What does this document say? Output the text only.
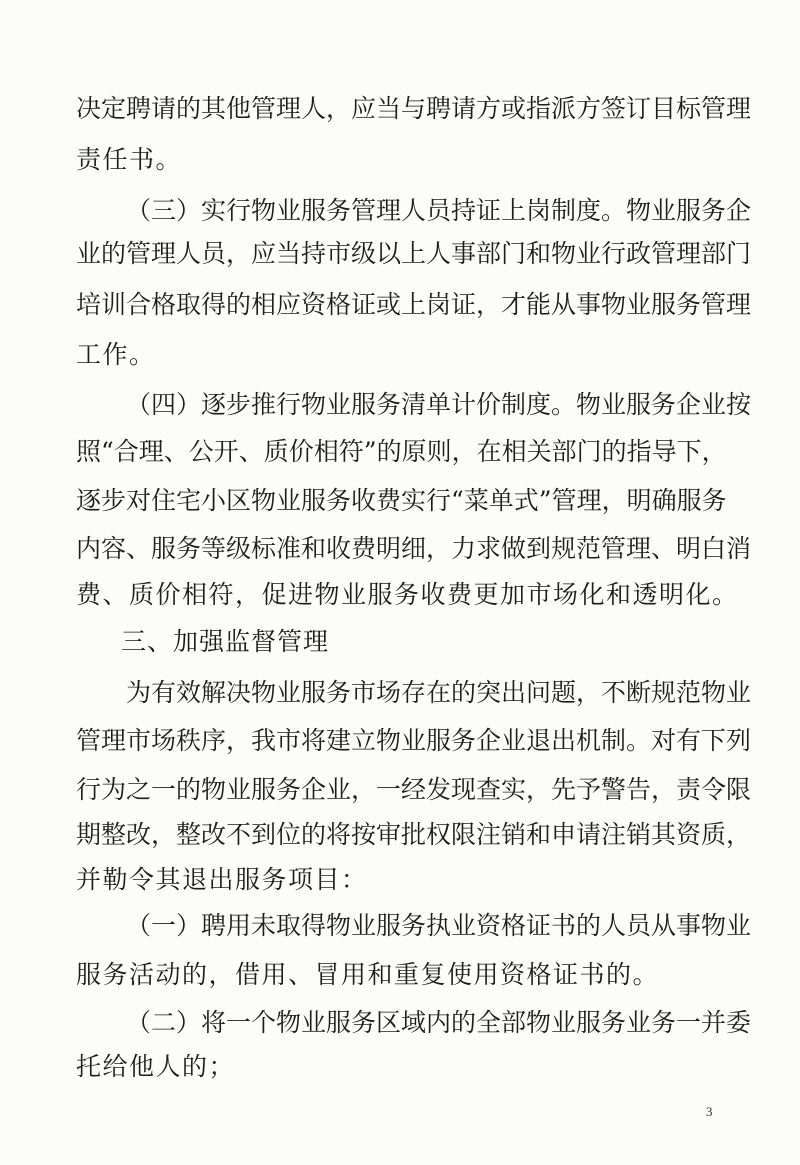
决定聘请的其他管理人，应当与聘请方或指派方签订目标管理
责任书。
（三）实行物业服务管理人员持证上岗制度。物业服务企
业的管理人员，应当持市级以上人事部门和物业行政管理部门
培训合格取得的相应资格证或上岗证，才能从事物业服务管理
工作。
（四）逐步推行物业服务清单计价制度。物业服务企业按
照“合理、公开、质价相符”的原则，在相关部门的指导下，
逐步对住宅小区物业服务收费实行“菜单式”管理，明确服务
内容、服务等级标准和收费明细，力求做到规范管理、明白消
费、质价相符，促进物业服务收费更加市场化和透明化。
三、加强监督管理
为有效解决物业服务市场存在的突出问题，不断规范物业
管理市场秩序，我市将建立物业服务企业退出机制。对有下列
行为之一的物业服务企业，一经发现查实，先予警告，责令限
期整改，整改不到位的将按审批权限注销和申请注销其资质，
并勒令其退出服务项目：
（一）聘用未取得物业服务执业资格证书的人员从事物业
服务活动的，借用、冒用和重复使用资格证书的。
（二）将一个物业服务区域内的全部物业服务业务一并委
托给他人的；
3
